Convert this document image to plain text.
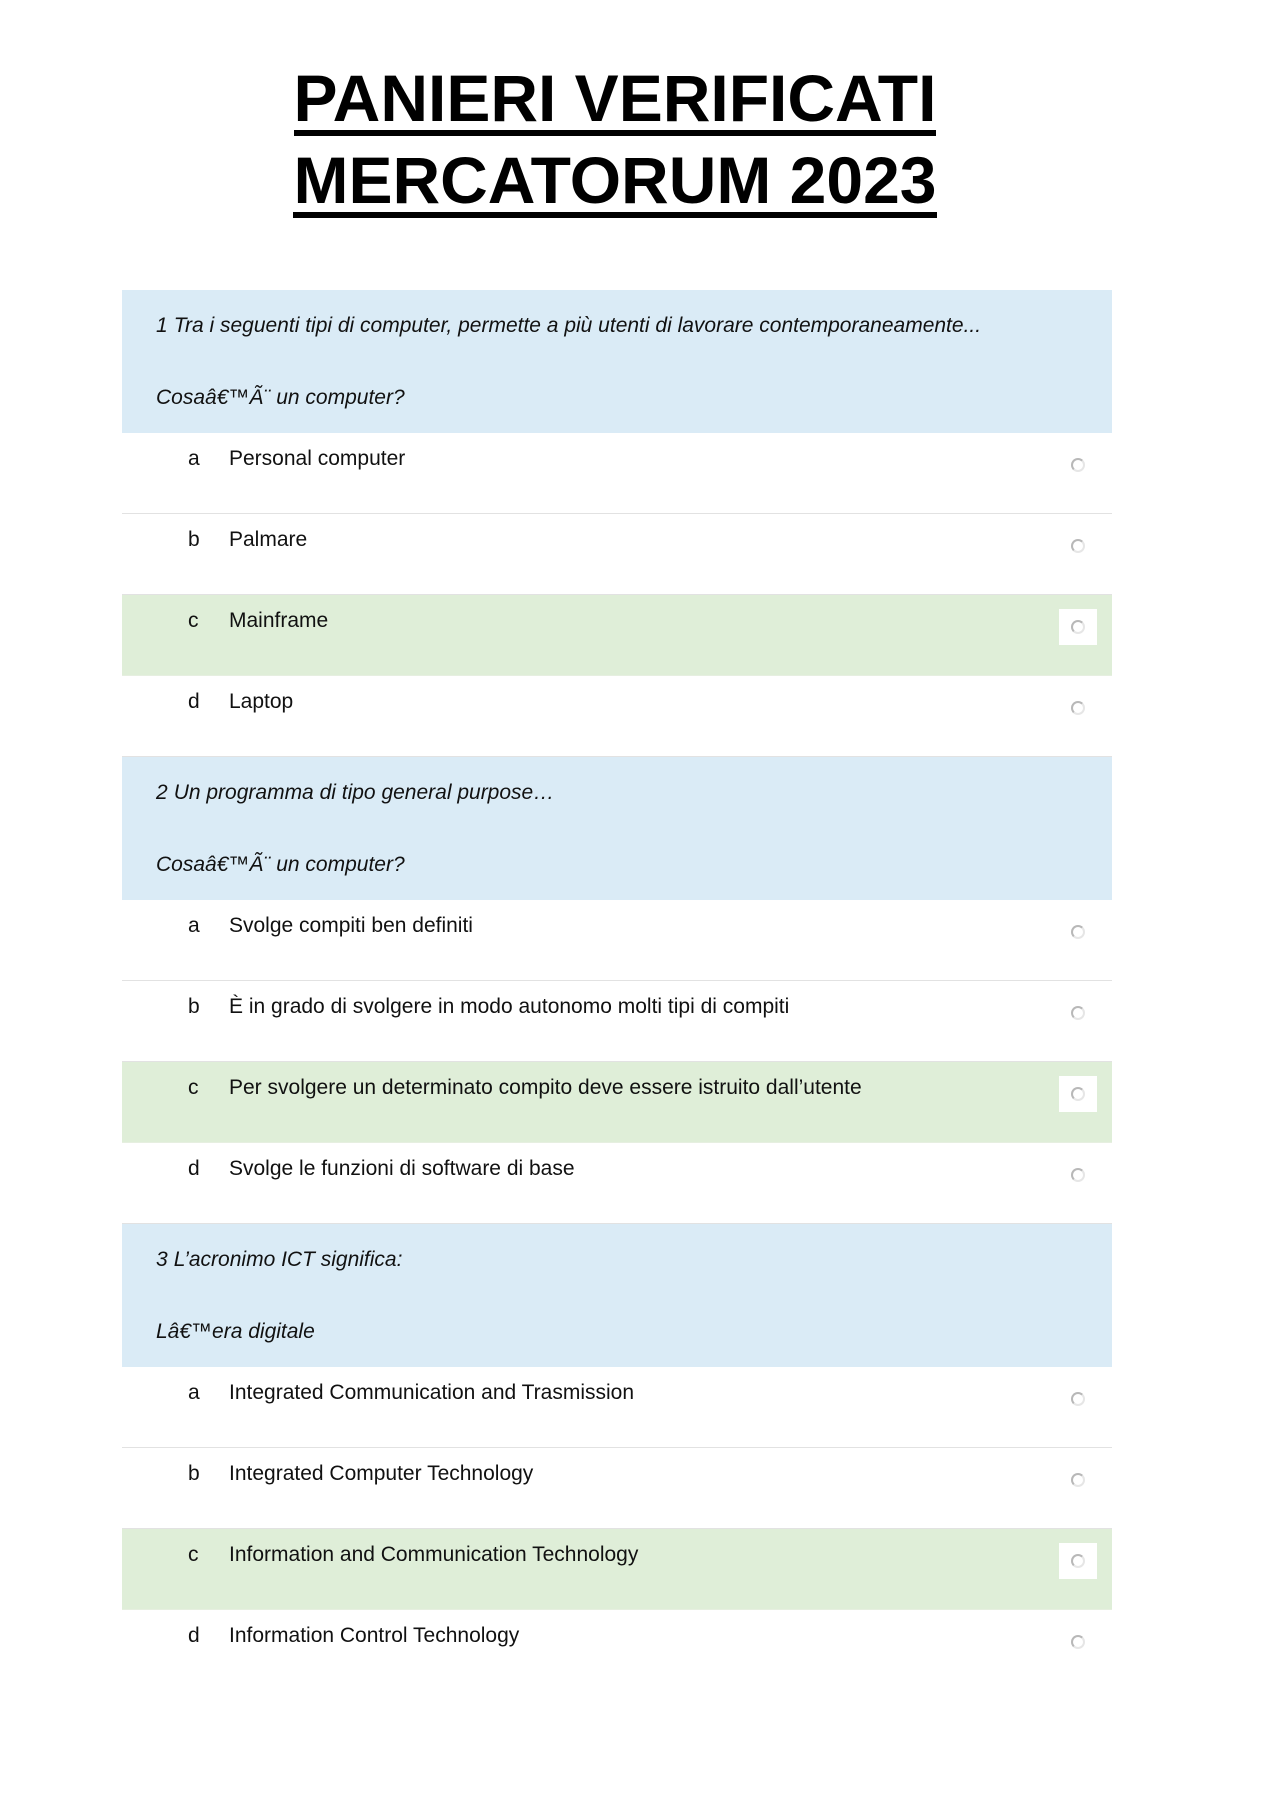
PANIERI VERIFICATI
MERCATORUM 2023
1 Tra i seguenti tipi di computer, permette a più utenti di lavorare contemporaneamente...
Cosaâ€™Ã¨ un computer?
a Personal computer
b Palmare
c Mainframe
d Laptop
2 Un programma di tipo general purpose…
Cosaâ€™Ã¨ un computer?
a Svolge compiti ben definiti
b È in grado di svolgere in modo autonomo molti tipi di compiti
c Per svolgere un determinato compito deve essere istruito dall’utente
d Svolge le funzioni di software di base
3 L’acronimo ICT significa:
Lâ€™era digitale
a Integrated Communication and Trasmission
b Integrated Computer Technology
c Information and Communication Technology
d Information Control Technology
